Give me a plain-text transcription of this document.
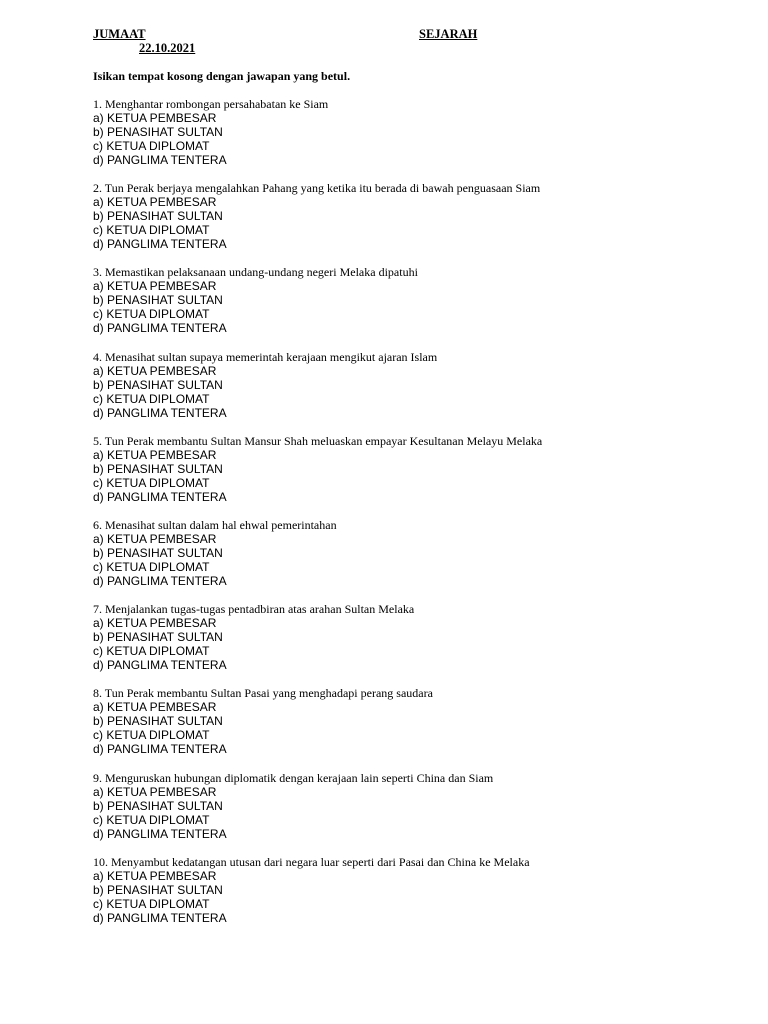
JUMAAT	SEJARAH
22.10.2021
Isikan tempat kosong dengan jawapan yang betul.
1. Menghantar rombongan persahabatan ke Siam
a) KETUA PEMBESAR
b) PENASIHAT SULTAN
c) KETUA DIPLOMAT
d) PANGLIMA TENTERA
2. Tun Perak berjaya mengalahkan Pahang yang ketika itu berada di bawah penguasaan Siam
a) KETUA PEMBESAR
b) PENASIHAT SULTAN
c) KETUA DIPLOMAT
d) PANGLIMA TENTERA
3. Memastikan pelaksanaan undang-undang negeri Melaka dipatuhi
a) KETUA PEMBESAR
b) PENASIHAT SULTAN
c) KETUA DIPLOMAT
d) PANGLIMA TENTERA
4. Menasihat sultan supaya memerintah kerajaan mengikut ajaran Islam
a) KETUA PEMBESAR
b) PENASIHAT SULTAN
c) KETUA DIPLOMAT
d) PANGLIMA TENTERA
5. Tun Perak membantu Sultan Mansur Shah meluaskan empayar Kesultanan Melayu Melaka
a) KETUA PEMBESAR
b) PENASIHAT SULTAN
c) KETUA DIPLOMAT
d) PANGLIMA TENTERA
6. Menasihat sultan dalam hal ehwal pemerintahan
a) KETUA PEMBESAR
b) PENASIHAT SULTAN
c) KETUA DIPLOMAT
d) PANGLIMA TENTERA
7. Menjalankan tugas-tugas pentadbiran atas arahan Sultan Melaka
a) KETUA PEMBESAR
b) PENASIHAT SULTAN
c) KETUA DIPLOMAT
d) PANGLIMA TENTERA
8. Tun Perak membantu Sultan Pasai yang menghadapi perang saudara
a) KETUA PEMBESAR
b) PENASIHAT SULTAN
c) KETUA DIPLOMAT
d) PANGLIMA TENTERA
9. Menguruskan hubungan diplomatik dengan kerajaan lain seperti China dan Siam
a) KETUA PEMBESAR
b) PENASIHAT SULTAN
c) KETUA DIPLOMAT
d) PANGLIMA TENTERA
10. Menyambut kedatangan utusan dari negara luar seperti dari Pasai dan China ke Melaka
a) KETUA PEMBESAR
b) PENASIHAT SULTAN
c) KETUA DIPLOMAT
d) PANGLIMA TENTERA
